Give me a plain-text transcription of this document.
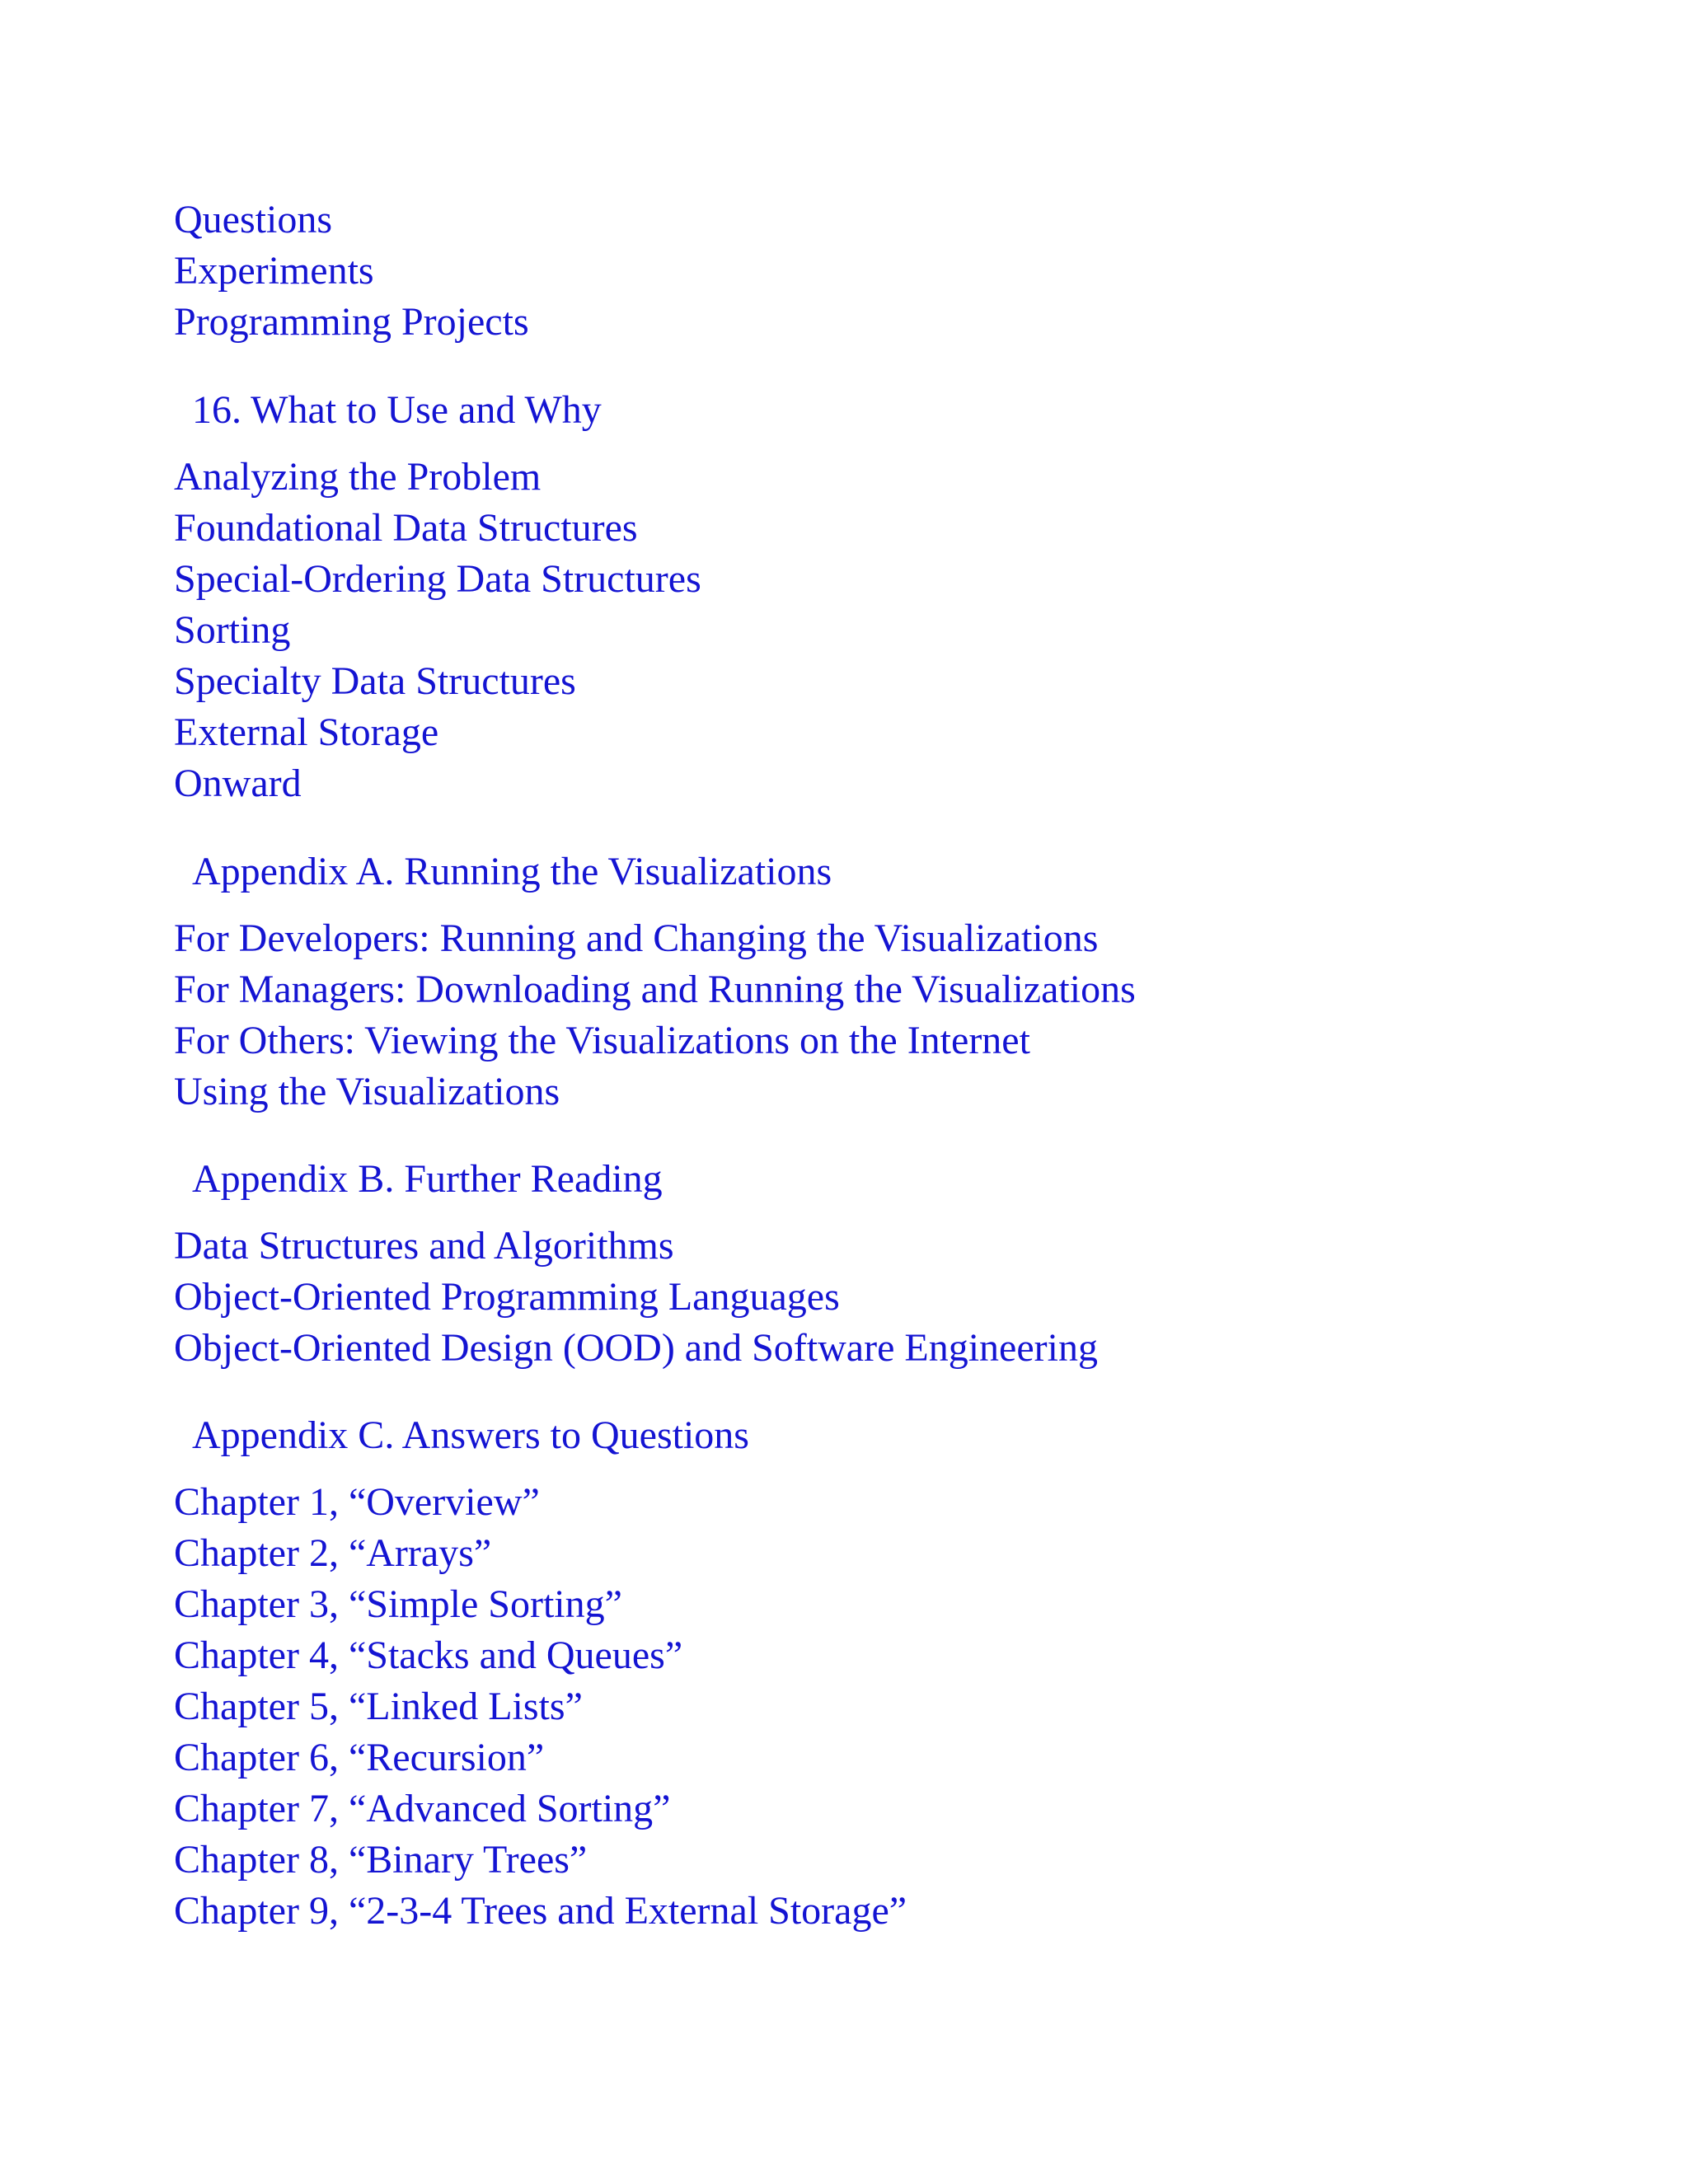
Questions
Experiments
Programming Projects
16. What to Use and Why
Analyzing the Problem
Foundational Data Structures
Special-Ordering Data Structures
Sorting
Specialty Data Structures
External Storage
Onward
Appendix A. Running the Visualizations
For Developers: Running and Changing the Visualizations
For Managers: Downloading and Running the Visualizations
For Others: Viewing the Visualizations on the Internet
Using the Visualizations
Appendix B. Further Reading
Data Structures and Algorithms
Object-Oriented Programming Languages
Object-Oriented Design (OOD) and Software Engineering
Appendix C. Answers to Questions
Chapter 1, “Overview”
Chapter 2, “Arrays”
Chapter 3, “Simple Sorting”
Chapter 4, “Stacks and Queues”
Chapter 5, “Linked Lists”
Chapter 6, “Recursion”
Chapter 7, “Advanced Sorting”
Chapter 8, “Binary Trees”
Chapter 9, “2-3-4 Trees and External Storage”
